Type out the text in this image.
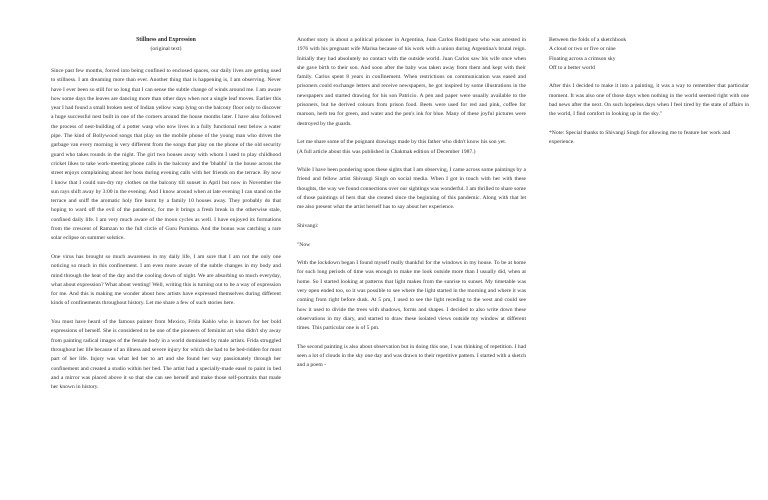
Stillness and Expression
(original text)

Since past few months, forced into being confined to enclosed spaces, our daily lives are getting used to stillness. I am dreaming more than ever. Another thing that is happening is, I am observing. Never have I ever been so still for so long that I can sense the subtle change of winds around me. I am aware how some days the leaves are dancing more than other days when not a single leaf moves. Earlier this year I had found a small broken nest of Indian yellow wasp lying on the balcony floor only to discover a huge successful nest built in one of the corners around the house months later. I have also followed the process of nest-building of a potter wasp who now lives in a fully functional nest below a water pipe. The kind of Bollywood songs that play on the mobile phone of the young man who drives the garbage van every morning is very different from the songs that play on the phone of the old security guard who takes rounds in the night. The girl two houses away with whom I used to play childhood cricket likes to take work-meeting phone calls in the balcony and the 'bhabhi' in the house across the street enjoys complaining about her boss during evening calls with her friends on the terrace. By now I know that I could sun-dry my clothes on the balcony till sunset in April but now in November the sun rays shift away by 3:00 in the evening. And I know around when at late evening I can stand on the terrace and sniff the aromatic holy fire burnt by a family 10 houses away. They probably do that hoping to ward off the evil of the pandemic, for me it brings a fresh break in the otherwise stale, confined daily life. I am very much aware of the moon cycles as well. I have enjoyed its formations from the crescent of Ramzan to the full circle of Guru Purnima. And the bonus was catching a rare solar eclipse on summer solstice.

One virus has brought so much awareness in my daily life, I am sure that I am not the only one noticing so much in this confinement. I am even more aware of the subtle changes in my body and mind through the heat of the day and the cooling down of night. We are absorbing so much everyday, what about expression? What about venting! Well, writing this is turning out to be a way of expression for me. And this is making me wonder about how artists have expressed themselves during different kinds of confinements throughout history. Let me share a few of such stories here.

You must have heard of the famous painter from Mexico, Frida Kahlo who is known for her bold expressions of herself. She is considered to be one of the pioneers of feminist art who didn't shy away from painting radical images of the female body in a world dominated by male artists. Frida struggled throughout her life because of an illness and severe injury for which she had to be bed-ridden for most part of her life. Injury was what led her to art and she found her way passionately through her confinement and created a studio within her bed. The artist had a specially-made easel to paint in bed and a mirror was placed above it so that she can see herself and make those self-portraits that made her known in history.

Another story is about a political prisoner in Argentina, Juan Carlos Rodriguez who was arrested in 1976 with his pregnant wife Marisa because of his work with a union during Argentina's brutal reign. Initially they had absolutely no contact with the outside world. Juan Carlos saw his wife once when she gave birth to their son. And soon after the baby was taken away from them and kept with their family. Carlos spent 8 years in confinement. When restrictions on communication was eased and prisoners could exchange letters and receive newspapers, he got inspired by some illustrations in the newspapers and started drawing for his son Patricio. A pen and paper were usually available to the prisoners, but he derived colours from prison food. Beets were used for red and pink, coffee for maroon, herb tea for green, and water and the pen's ink for blue. Many of these joyful pictures were destroyed by the guards.

Let me share some of the poignant drawings made by this father who didn't know his son yet.

(A full article about this was published in Chakmak edition of December 1987.)

While I have been pondering upon these sights that I am observing, I came across some paintings by a friend and fellow artist Shivangi Singh on social media. When I got in touch with her with these thoughts, the way we found connections over our sightings was wonderful. I am thrilled to share some of those paintings of hers that she created since the beginning of this pandemic. Along with that let me also present what the artist herself has to say about her experience.

Shivangi:

"Now

With the lockdown began I found myself really thankful for the windows in my house. To be at home for such long periods of time was enough to make me look outside more than I usually did, when at home. So I started looking at patterns that light makes from the sunrise to sunset. My timetable was very open ended too, so it was possible to see where the light started in the morning and where it was coming from right before dusk. At 5 pm, I used to see the light receding to the west and could see how it used to divide the trees with shadows, forms and shapes. I decided to also write down these observations in my diary, and started to draw these isolated views outside my window at different times. This particular one is of 5 pm.

The second painting is also about observation but in doing this one, I was thinking of repetition. I had seen a lot of clouds in the sky one day and was drawn to their repetitive pattern. I started with a sketch and a poem -

Between the folds of a sketchbook
A cloud or two or five or nine
Floating across a crimson sky
Off to a better world

After this I decided to make it into a painting, it was a way to remember that particular moment. It was also one of those days when nothing in the world seemed right with one bad news after the next. On such hopeless days when I feel tired by the state of affairs in the world, I find comfort in looking up in the sky."

*Note: Special thanks to Shivangi Singh for allowing me to feature her work and experience.
